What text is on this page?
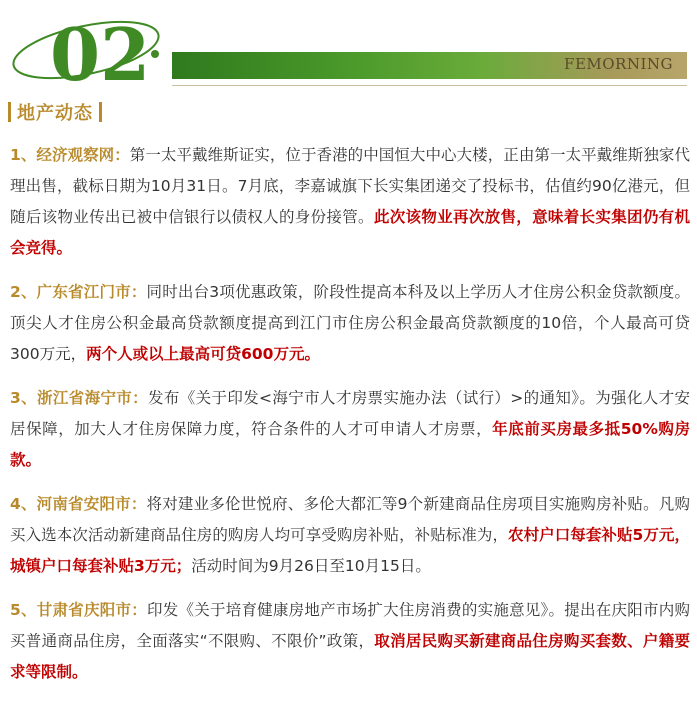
02	FEMORNING
地产动态

1、经济观察网：第一太平戴维斯证实，位于香港的中国恒大中心大楼，正由第一太平戴维斯独家代理出售，截标日期为10月31日。7月底，李嘉诚旗下长实集团递交了投标书，估值约90亿港元，但随后该物业传出已被中信银行以债权人的身份接管。此次该物业再次放售，意味着长实集团仍有机会竞得。

2、广东省江门市：同时出台3项优惠政策，阶段性提高本科及以上学历人才住房公积金贷款额度。顶尖人才住房公积金最高贷款额度提高到江门市住房公积金最高贷款额度的10倍，个人最高可贷300万元，两个人或以上最高可贷600万元。

3、浙江省海宁市：发布《关于印发<海宁市人才房票实施办法（试行）>的通知》。为强化人才安居保障，加大人才住房保障力度，符合条件的人才可申请人才房票，年底前买房最多抵50%购房款。

4、河南省安阳市：将对建业多伦世悦府、多伦大都汇等9个新建商品住房项目实施购房补贴。凡购买入选本次活动新建商品住房的购房人均可享受购房补贴，补贴标准为，农村户口每套补贴5万元，城镇户口每套补贴3万元；活动时间为9月26日至10月15日。

5、甘肃省庆阳市：印发《关于培育健康房地产市场扩大住房消费的实施意见》。提出在庆阳市内购买普通商品住房，全面落实“不限购、不限价”政策，取消居民购买新建商品住房购买套数、户籍要求等限制。
